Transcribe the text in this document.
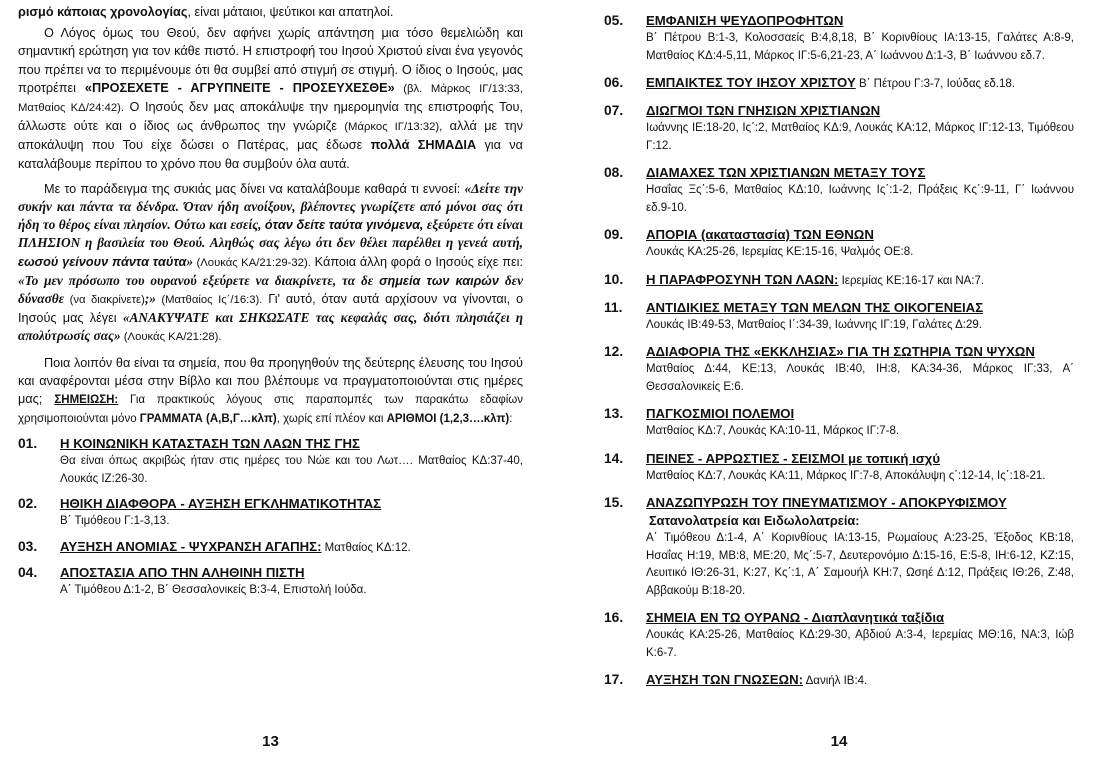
ρισμό κάποιας χρονολογίας, είναι μάταιοι, ψεύτικοι και απατηλοί.

Ο Λόγος όμως του Θεού, δεν αφήνει χωρίς απάντηση μια τόσο θεμελιώδη και σημαντική ερώτηση για τον κάθε πιστό. Η επιστροφή του Ιησού Χριστού είναι ένα γεγονός που πρέπει να το περιμένουμε ότι θα συμβεί από στιγμή σε στιγμή. Ο ίδιος ο Ιησούς, μας προτρέπει «ΠΡΟΣΕΧΕΤΕ - ΑΓΡΥΠΝΕΙΤΕ - ΠΡΟΣΕΥΧΕΣΘΕ» (βλ. Μάρκος ΙΓ/13:33, Ματθαίος ΚΔ/24:42). Ο Ιησούς δεν μας αποκάλυψε την ημερομηνία της επιστροφής Του, άλλωστε ούτε και ο ίδιος ως άνθρωπος την γνώριζε (Μάρκος ΙΓ/13:32), αλλά με την αποκάλυψη που Του είχε δώσει ο Πατέρας, μας έδωσε πολλά ΣΗΜΑΔΙΑ για να καταλάβουμε περίπου το χρόνο που θα συμβούν όλα αυτά.

Με το παράδειγμα της συκιάς μας δίνει να καταλάβουμε καθαρά τι εννοεί: «Δείτε την συκήν και πάντα τα δένδρα. Όταν ήδη ανοίξουν, βλέποντες γνωρίζετε από μόνοι σας ότι ήδη το θέρος είναι πλησίον. Ούτω και εσείς, όταν δείτε ταύτα γινόμενα, εξεύρετε ότι είναι ΠΛΗΣΙΟΝ η βασιλεία του Θεού. Αληθώς σας λέγω ότι δεν θέλει παρέλθει η γενεά αυτή, εωσού γείνουν πάντα ταύτα» (Λουκάς ΚΑ/21:29-32). Κάποια άλλη φορά ο Ιησούς είχε πει: «Το μεν πρόσωπο του ουρανού εξεύρετε να διακρίνετε, τα δε σημεία των καιρών δεν δύνασθε (να διακρίνετε);» (Ματθαίος Ις΄/16:3). Γι' αυτό, όταν αυτά αρχίσουν να γίνονται, ο Ιησούς μας λέγει «ΑΝΑΚΥΨΑΤΕ και ΣΗΚΩΣΑΤΕ τας κεφαλάς σας, διότι πλησιάζει η απολύτρωσίς σας» (Λουκάς ΚΑ/21:28).

Ποια λοιπόν θα είναι τα σημεία, που θα προηγηθούν της δεύτερης έλευσης του Ιησού και αναφέρονται μέσα στην Βίβλο και που βλέπουμε να πραγματοποιούνται στις ημέρες μας; ΣΗΜΕΙΩΣΗ: Για πρακτικούς λόγους στις παραπομπές των παρακάτω εδαφίων χρησιμοποιούνται μόνο ΓΡΑΜΜΑΤΑ (Α,Β,Γ…κλπ), χωρίς επί πλέον και ΑΡΙΘΜΟΙ (1,2,3….κλπ):

01.	Η ΚΟΙΝΩΝΙΚΗ ΚΑΤΑΣΤΑΣΗ ΤΩΝ ΛΑΩΝ ΤΗΣ ΓΗΣ
Θα είναι όπως ακριβώς ήταν στις ημέρες του Νώε και του Λωτ…. Ματθαίος ΚΔ:37-40, Λουκάς ΙΖ:26-30.
02.	ΗΘΙΚΗ ΔΙΑΦΘΟΡΑ - ΑΥΞΗΣΗ ΕΓΚΛΗΜΑΤΙΚΟΤΗΤΑΣ
Β΄ Τιμόθεου Γ:1-3,13.
03.	ΑΥΞΗΣΗ ΑΝΟΜΙΑΣ - ΨΥΧΡΑΝΣΗ ΑΓΑΠΗΣ: Ματθαίος ΚΔ:12.
04.	ΑΠΟΣΤΑΣΙΑ ΑΠΟ ΤΗΝ ΑΛΗΘΙΝΗ ΠΙΣΤΗ
Α΄ Τιμόθεου Δ:1-2, Β΄ Θεσσαλονικείς Β:3-4, Επιστολή Ιούδα.
13
05.	ΕΜΦΑΝΙΣΗ ΨΕΥΔΟΠΡΟΦΗΤΩΝ
Β΄ Πέτρου Β:1-3, Κολοσσαείς Β:4,8,18, Β΄ Κορινθίους ΙΑ:13-15, Γαλάτες Α:8-9, Ματθαίος ΚΔ:4-5,11, Μάρκος ΙΓ:5-6,21-23, Α΄ Ιωάννου Δ:1-3, Β΄ Ιωάννου εδ.7.
06.	ΕΜΠΑΙΚΤΕΣ ΤΟΥ ΙΗΣΟΥ ΧΡΙΣΤΟΥ Β΄ Πέτρου Γ:3-7, Ιούδας εδ.18.
07.	ΔΙΩΓΜΟΙ ΤΩΝ ΓΝΗΣΙΩΝ ΧΡΙΣΤΙΑΝΩΝ
Ιωάννης ΙΕ:18-20, Ις΄:2, Ματθαίος ΚΔ:9, Λουκάς ΚΑ:12, Μάρκος ΙΓ:12-13, Τιμόθεου Γ:12.
08.	ΔΙΑΜΑΧΕΣ ΤΩΝ ΧΡΙΣΤΙΑΝΩΝ ΜΕΤΑΞΥ ΤΟΥΣ
Ησαΐας Ξς΄:5-6, Ματθαίος ΚΔ:10, Ιωάννης Ις΄:1-2, Πράξεις Κς΄:9-11, Γ΄ Ιωάννου εδ.9-10.
09.	ΑΠΟΡΙΑ (ακαταστασία) ΤΩΝ ΕΘΝΩΝ
Λουκάς ΚΑ:25-26, Ιερεμίας ΚΕ:15-16, Ψαλμός ΟΕ:8.
10.	Η ΠΑΡΑΦΡΟΣΥΝΗ ΤΩΝ ΛΑΩΝ: Ιερεμίας ΚΕ:16-17 και ΝΑ:7.
11.	ΑΝΤΙΔΙΚΙΕΣ ΜΕΤΑΞΥ ΤΩΝ ΜΕΛΩΝ ΤΗΣ ΟΙΚΟΓΕΝΕΙΑΣ
Λουκάς ΙΒ:49-53, Ματθαίος Ι΄:34-39, Ιωάννης ΙΓ:19, Γαλάτες Δ:29.
12.	ΑΔΙΑΦΟΡΙΑ ΤΗΣ «ΕΚΚΛΗΣΙΑΣ» ΓΙΑ ΤΗ ΣΩΤΗΡΙΑ ΤΩΝ ΨΥΧΩΝ
Ματθαίος Δ:44, ΚΕ:13, Λουκάς ΙΒ:40, ΙΗ:8, ΚΑ:34-36, Μάρκος ΙΓ:33, Α΄ Θεσσαλονικείς Ε:6.
13.	ΠΑΓΚΟΣΜΙΟΙ ΠΟΛΕΜΟΙ
Ματθαίος ΚΔ:7, Λουκάς ΚΑ:10-11, Μάρκος ΙΓ:7-8.
14.	ΠΕΙΝΕΣ - ΑΡΡΩΣΤΙΕΣ - ΣΕΙΣΜΟΙ με τοπική ισχύ
Ματθαίος ΚΔ:7, Λουκάς ΚΑ:11, Μάρκος ΙΓ:7-8, Αποκάλυψη ς΄:12-14, Ις΄:18-21.
15.	ΑΝΑΖΩΠΥΡΩΣΗ ΤΟΥ ΠΝΕΥΜΑΤΙΣΜΟΥ - ΑΠΟΚΡΥΦΙΣΜΟΥ
Σατανολατρεία και Ειδωλολατρεία:
Α΄ Τιμόθεου Δ:1-4, Α΄ Κορινθίους ΙΑ:13-15, Ρωμαίους Α:23-25, Έξοδος ΚΒ:18, Ησαΐας Η:19, ΜΒ:8, ΜΕ:20, Μς΄:5-7, Δευτερονόμιο Δ:15-16, Ε:5-8, ΙΗ:6-12, ΚΖ:15, Λευιτικό ΙΘ:26-31, Κ:27, Κς΄:1, Α΄ Σαμουήλ ΚΗ:7, Ωσηέ Δ:12, Πράξεις ΙΘ:26, Ζ:48, Αββακούμ Β:18-20.
16.	ΣΗΜΕΙΑ ΕΝ ΤΩ ΟΥΡΑΝΩ - Διαπλανητικά ταξίδια
Λουκάς ΚΑ:25-26, Ματθαίος ΚΔ:29-30, Αβδιού Α:3-4, Ιερεμίας ΜΘ:16, ΝΑ:3, Ιώβ Κ:6-7.
17.	ΑΥΞΗΣΗ ΤΩΝ ΓΝΩΣΕΩΝ: Δανιήλ ΙΒ:4.
14
